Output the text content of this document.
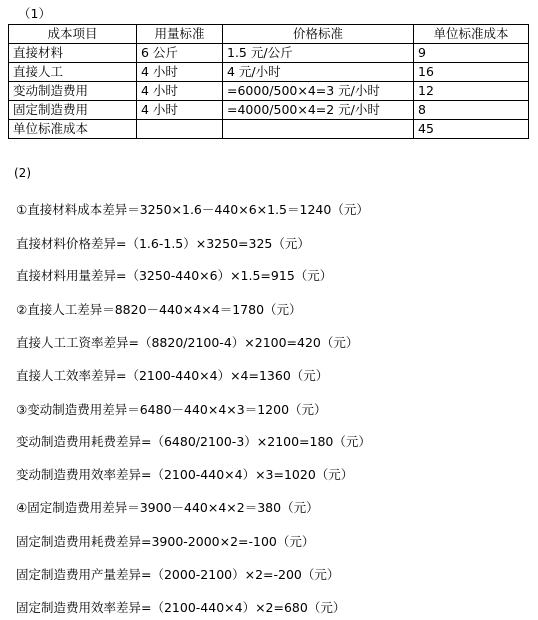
（1）
成本项目	用量标准	价格标准	单位标准成本
直接材料	6 公斤	1.5 元/公斤	9
直接人工	4 小时	4 元/小时	16
变动制造费用	4 小时	=6000/500×4=3 元/小时	12
固定制造费用	4 小时	=4000/500×4=2 元/小时	8
单位标准成本			45
(2)
①直接材料成本差异＝3250×1.6－440×6×1.5＝1240（元）
直接材料价格差异=（1.6-1.5）×3250=325（元）
直接材料用量差异=（3250-440×6）×1.5=915（元）
②直接人工差异＝8820－440×4×4＝1780（元）
直接人工工资率差异=（8820/2100-4）×2100=420（元）
直接人工效率差异=（2100-440×4）×4=1360（元）
③变动制造费用差异＝6480－440×4×3＝1200（元）
变动制造费用耗费差异=（6480/2100-3）×2100=180（元）
变动制造费用效率差异=（2100-440×4）×3=1020（元）
④固定制造费用差异＝3900－440×4×2＝380（元）
固定制造费用耗费差异=3900-2000×2=-100（元）
固定制造费用产量差异=（2000-2100）×2=-200（元）
固定制造费用效率差异=（2100-440×4）×2=680（元）
